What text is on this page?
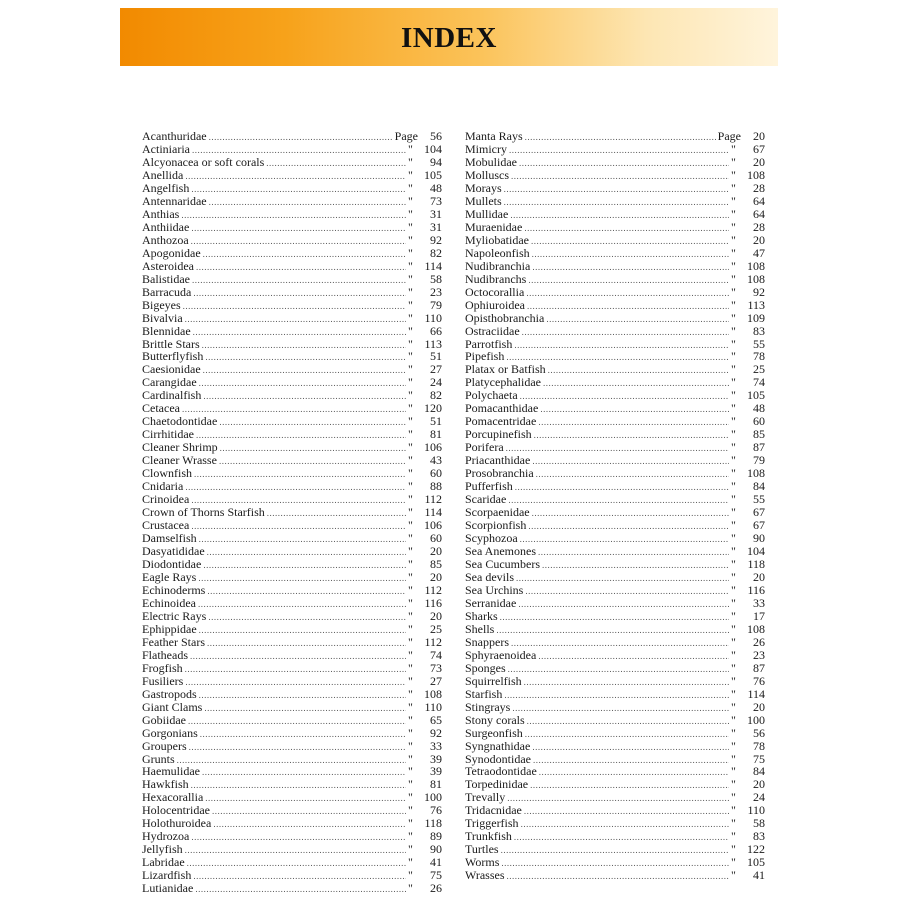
INDEX
Acanthuridae .....	Page	56
Actiniaria .....	" 104
Alcyonacea or soft corals .....	"	94
Anellida .....	" 105
Angelfish .....	"	48
Antennaridae .....	"	73
Anthias .....	"	31
Anthiidae .....	"	31
Anthozoa .....	"	92
Apogonidae .....	"	82
Asteroidea .....	" 114
Balistidae .....	"	58
Barracuda .....	"	23
Bigeyes .....	"	79
Bivalvia .....	" 110
Blennidae .....	"	66
Brittle Stars .....	" 113
Butterflyfish .....	"	51
Caesionidae .....	"	27
Carangidae .....	"	24
Cardinalfish .....	"	82
Cetacea .....	" 120
Chaetodontidae .....	"	51
Cirrhitidae .....	"	81
Cleaner Shrimp .....	" 106
Cleaner Wrasse .....	"	43
Clownfish .....	"	60
Cnidaria .....	"	88
Crinoidea .....	" 112
Crown of Thorns Starfish .....	" 114
Crustacea .....	" 106
Damselfish .....	"	60
Dasyatididae .....	"	20
Diodontidae .....	"	85
Eagle Rays .....	"	20
Echinoderms .....	" 112
Echinoidea .....	" 116
Electric Rays .....	"	20
Ephippidae .....	"	25
Feather Stars .....	" 112
Flatheads .....	"	74
Frogfish .....	"	73
Fusiliers .....	"	27
Gastropods .....	" 108
Giant Clams .....	" 110
Gobiidae .....	"	65
Gorgonians .....	"	92
Groupers .....	"	33
Grunts .....	"	39
Haemulidae .....	"	39
Hawkfish .....	"	81
Hexacorallia .....	" 100
Holocentridae .....	"	76
Holothuroidea .....	" 118
Hydrozoa .....	"	89
Jellyfish .....	"	90
Labridae .....	"	41
Lizardfish .....	"	75
Lutianidae .....	"	26
Manta Rays .....	Page	20
Mimicry .....	"	67
Mobulidae .....	"	20
Molluscs .....	" 108
Morays .....	"	28
Mullets .....	"	64
Mullidae .....	"	64
Muraenidae .....	"	28
Myliobatidae .....	"	20
Napoleonfish .....	"	47
Nudibranchia .....	" 108
Nudibranchs .....	" 108
Octocorallia .....	"	92
Ophiuroidea .....	" 113
Opisthobranchia .....	" 109
Ostraciidae .....	"	83
Parrotfish .....	"	55
Pipefish .....	"	78
Platax or Batfish .....	"	25
Platycephalidae .....	"	74
Polychaeta .....	" 105
Pomacanthidae .....	"	48
Pomacentridae .....	"	60
Porcupinefish .....	"	85
Porifera .....	"	87
Priacanthidae .....	"	79
Prosobranchia .....	" 108
Pufferfish .....	"	84
Scaridae .....	"	55
Scorpaenidae .....	"	67
Scorpionfish .....	"	67
Scyphozoa .....	"	90
Sea Anemones .....	" 104
Sea Cucumbers .....	" 118
Sea devils .....	"	20
Sea Urchins .....	" 116
Serranidae .....	"	33
Sharks .....	"	17
Shells .....	" 108
Snappers .....	"	26
Sphyraenoidea .....	"	23
Sponges .....	"	87
Squirrelfish .....	"	76
Starfish .....	" 114
Stingrays .....	"	20
Stony corals .....	" 100
Surgeonfish .....	"	56
Syngnathidae .....	"	78
Synodontidae .....	"	75
Tetraodontidae .....	"	84
Torpedinidae .....	"	20
Trevally .....	"	24
Tridacnidae .....	" 110
Triggerfish .....	"	58
Trunkfish .....	"	83
Turtles .....	" 122
Worms .....	" 105
Wrasses .....	"	41
